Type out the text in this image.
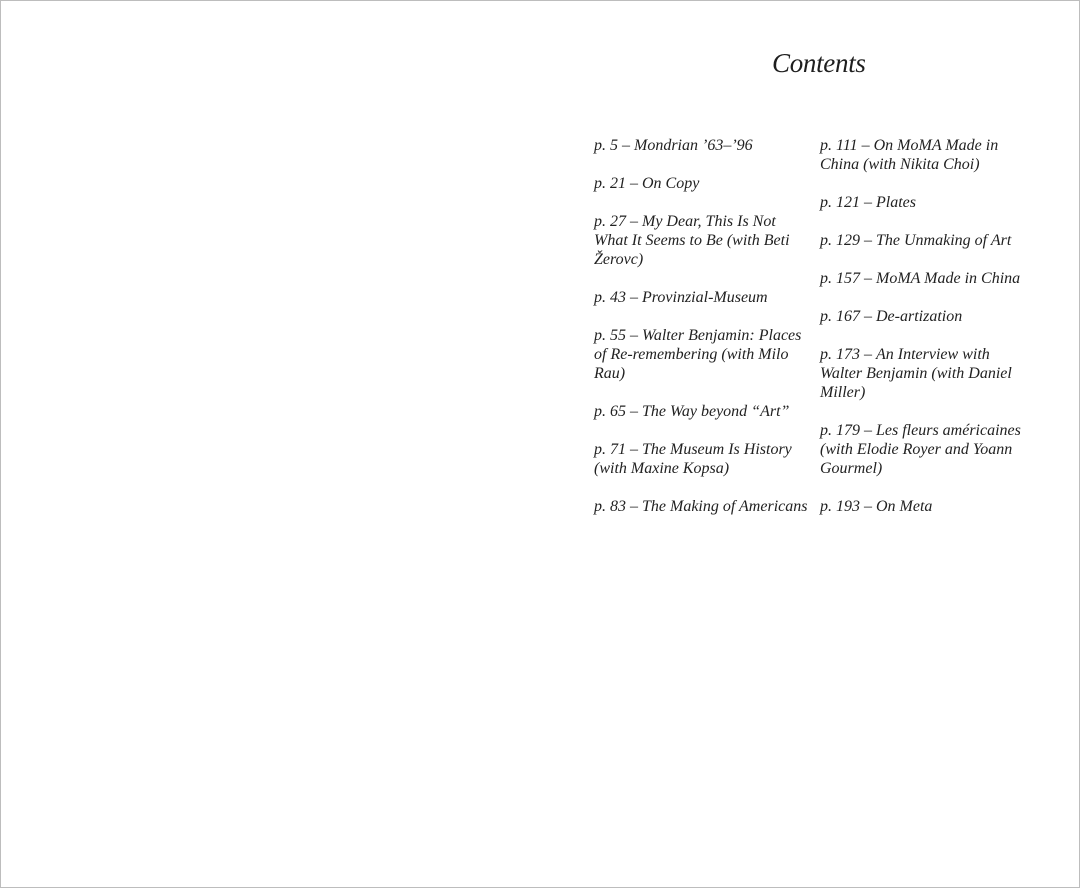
Contents

p. 5 – Mondrian ’63–’96

p. 21 – On Copy

p. 27 – My Dear, This Is Not What It Seems to Be (with Beti Žerovc)

p. 43 – Provinzial-Museum

p. 55 – Walter Benjamin: Places of Re-remembering (with Milo Rau)

p. 65 – The Way beyond “Art”

p. 71 – The Museum Is History (with Maxine Kopsa)

p. 83 – The Making of Americans

p. 111 – On MoMA Made in China (with Nikita Choi)

p. 121 – Plates

p. 129 – The Unmaking of Art

p. 157 – MoMA Made in China

p. 167 – De-artization

p. 173 – An Interview with Walter Benjamin (with Daniel Miller)

p. 179 – Les fleurs américaines (with Elodie Royer and Yoann Gourmel)

p. 193 – On Meta
